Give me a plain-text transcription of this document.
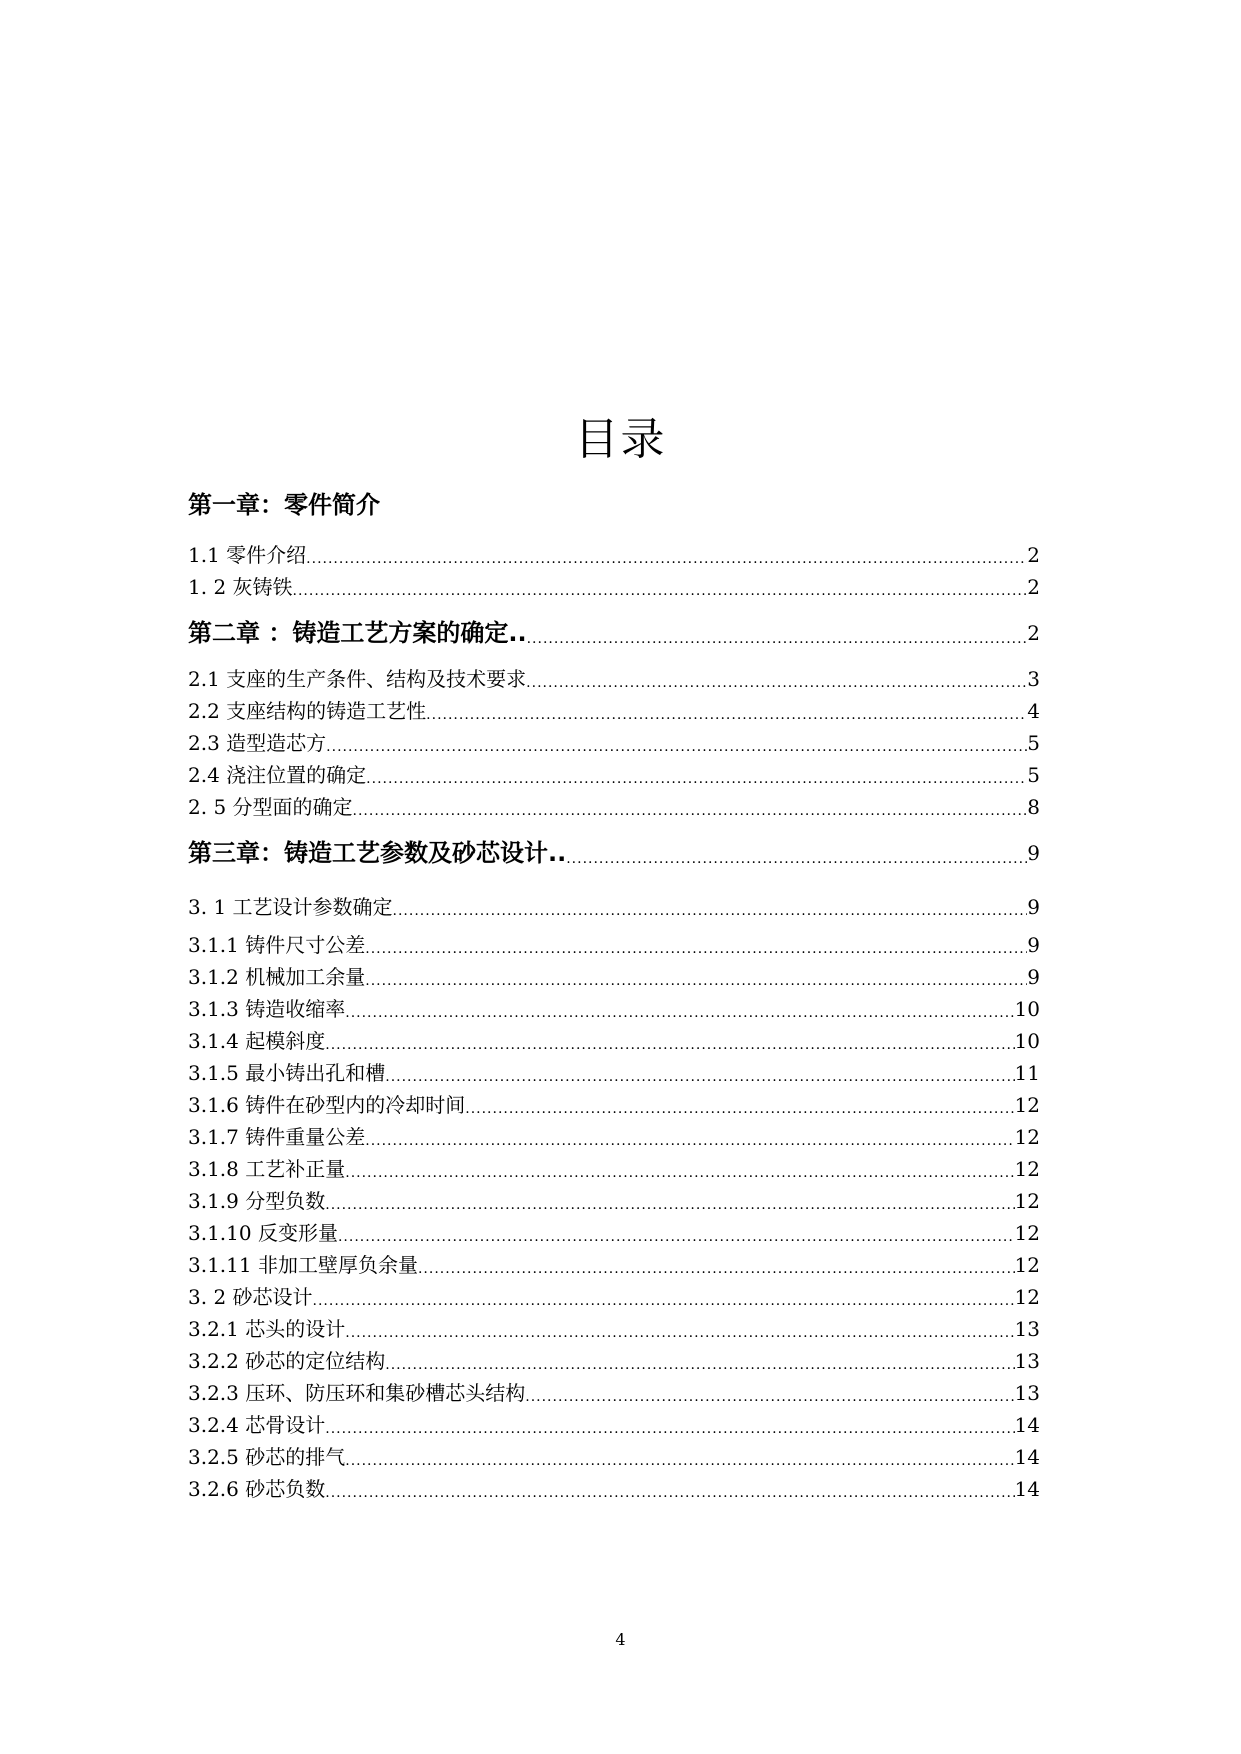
目录
第一章：零件简介
1.1 零件介绍 .....	2
1. 2 灰铸铁 .....	2
第二章 ：铸造工艺方案的确定.. .....	2
2.1 支座的生产条件、结构及技术要求 .....	3
2.2 支座结构的铸造工艺性 .....	4
2.3 造型造芯方 .....	5
2.4 浇注位置的确定 .....	5
2. 5 分型面的确定 .....	8
第三章：铸造工艺参数及砂芯设计.. .....	9
3. 1 工艺设计参数确定 .....	9
3.1.1 铸件尺寸公差 .....	9
3.1.2 机械加工余量 .....	9
3.1.3 铸造收缩率 .....	10
3.1.4 起模斜度 .....	10
3.1.5 最小铸出孔和槽 .....	11
3.1.6 铸件在砂型内的冷却时间 .....	12
3.1.7 铸件重量公差 .....	12
3.1.8 工艺补正量 .....	12
3.1.9 分型负数 .....	12
3.1.10 反变形量 .....	12
3.1.11 非加工壁厚负余量 .....	12
3. 2 砂芯设计 .....	12
3.2.1 芯头的设计 .....	13
3.2.2 砂芯的定位结构 .....	13
3.2.3 压环、防压环和集砂槽芯头结构 .....	13
3.2.4 芯骨设计 .....	14
3.2.5 砂芯的排气 .....	14
3.2.6 砂芯负数 .....	14
4
